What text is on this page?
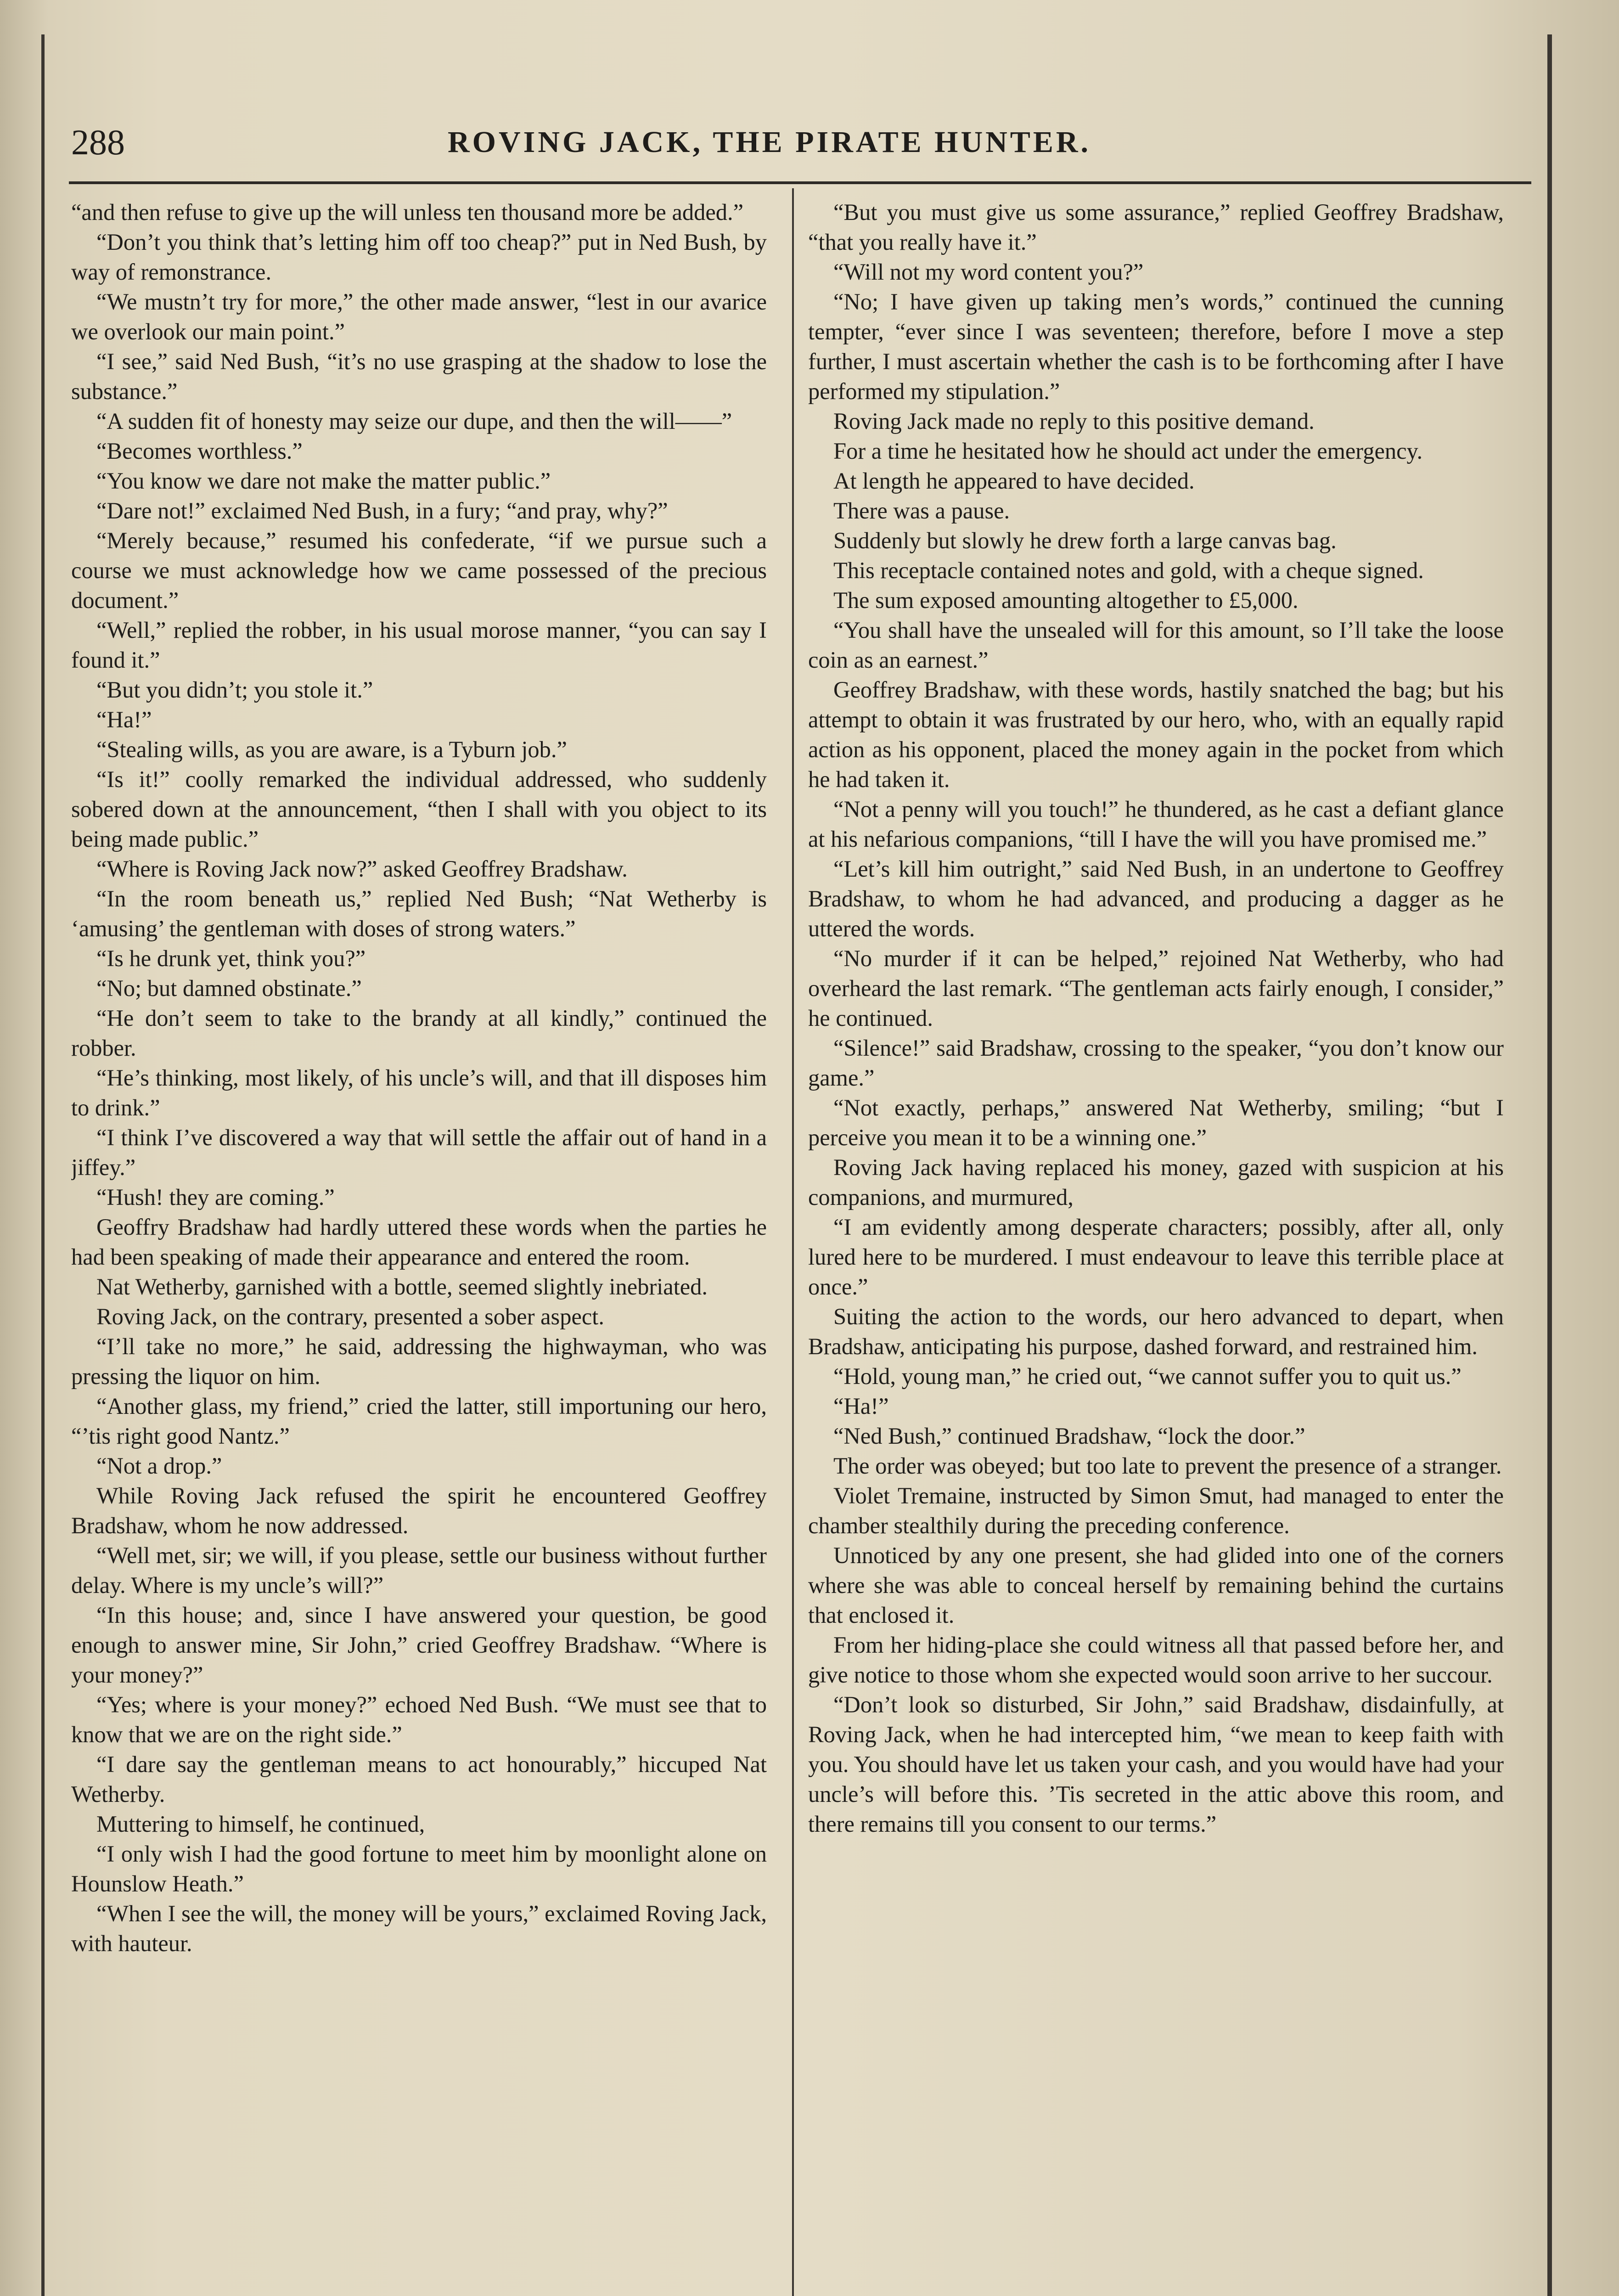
288	ROVING JACK, THE PIRATE HUNTER.

“and then refuse to give up the will unless ten thousand more be added.”

“Don’t you think that’s letting him off too cheap?” put in Ned Bush, by way of remonstrance.

“We mustn’t try for more,” the other made answer, “lest in our avarice we overlook our main point.”

“I see,” said Ned Bush, “it’s no use grasping at the shadow to lose the substance.”

“A sudden fit of honesty may seize our dupe, and then the will——”

“Becomes worthless.”

“You know we dare not make the matter public.”

“Dare not!” exclaimed Ned Bush, in a fury; “and pray, why?”

“Merely because,” resumed his confederate, “if we pursue such a course we must acknowledge how we came possessed of the precious document.”

“Well,” replied the robber, in his usual morose manner, “you can say I found it.”

“But you didn’t; you stole it.”

“Ha!”

“Stealing wills, as you are aware, is a Tyburn job.”

“Is it!” coolly remarked the individual addressed, who suddenly sobered down at the announcement, “then I shall with you object to its being made public.”

“Where is Roving Jack now?” asked Geoffrey Bradshaw.

“In the room beneath us,” replied Ned Bush; “Nat Wetherby is ‘amusing’ the gentleman with doses of strong waters.”

“Is he drunk yet, think you?”

“No; but damned obstinate.”

“He don’t seem to take to the brandy at all kindly,” continued the robber.

“He’s thinking, most likely, of his uncle’s will, and that ill disposes him to drink.”

“I think I’ve discovered a way that will settle the affair out of hand in a jiffey.”

“Hush! they are coming.”

Geoffry Bradshaw had hardly uttered these words when the parties he had been speaking of made their appearance and entered the room.

Nat Wetherby, garnished with a bottle, seemed slightly inebriated.

Roving Jack, on the contrary, presented a sober aspect.

“I’ll take no more,” he said, addressing the highwayman, who was pressing the liquor on him.

“Another glass, my friend,” cried the latter, still importuning our hero, “’tis right good Nantz.”

“Not a drop.”

While Roving Jack refused the spirit he encountered Geoffrey Bradshaw, whom he now addressed.

“Well met, sir; we will, if you please, settle our business without further delay. Where is my uncle’s will?”

“In this house; and, since I have answered your question, be good enough to answer mine, Sir John,” cried Geoffrey Bradshaw. “Where is your money?”

“Yes; where is your money?” echoed Ned Bush. “We must see that to know that we are on the right side.”

“I dare say the gentleman means to act honourably,” hiccuped Nat Wetherby.

Muttering to himself, he continued,

“I only wish I had the good fortune to meet him by moonlight alone on Hounslow Heath.”

“When I see the will, the money will be yours,” exclaimed Roving Jack, with hauteur.

“But you must give us some assurance,” replied Geoffrey Bradshaw, “that you really have it.”

“Will not my word content you?”

“No; I have given up taking men’s words,” continued the cunning tempter, “ever since I was seventeen; therefore, before I move a step further, I must ascertain whether the cash is to be forthcoming after I have performed my stipulation.”

Roving Jack made no reply to this positive demand.

For a time he hesitated how he should act under the emergency.

At length he appeared to have decided.

There was a pause.

Suddenly but slowly he drew forth a large canvas bag.

This receptacle contained notes and gold, with a cheque signed.

The sum exposed amounting altogether to £5,000.

“You shall have the unsealed will for this amount, so I’ll take the loose coin as an earnest.”

Geoffrey Bradshaw, with these words, hastily snatched the bag; but his attempt to obtain it was frustrated by our hero, who, with an equally rapid action as his opponent, placed the money again in the pocket from which he had taken it.

“Not a penny will you touch!” he thundered, as he cast a defiant glance at his nefarious companions, “till I have the will you have promised me.”

“Let’s kill him outright,” said Ned Bush, in an undertone to Geoffrey Bradshaw, to whom he had advanced, and producing a dagger as he uttered the words.

“No murder if it can be helped,” rejoined Nat Wetherby, who had overheard the last remark. “The gentleman acts fairly enough, I consider,” he continued.

“Silence!” said Bradshaw, crossing to the speaker, “you don’t know our game.”

“Not exactly, perhaps,” answered Nat Wetherby, smiling; “but I perceive you mean it to be a winning one.”

Roving Jack having replaced his money, gazed with suspicion at his companions, and murmured,

“I am evidently among desperate characters; possibly, after all, only lured here to be murdered. I must endeavour to leave this terrible place at once.”

Suiting the action to the words, our hero advanced to depart, when Bradshaw, anticipating his purpose, dashed forward, and restrained him.

“Hold, young man,” he cried out, “we cannot suffer you to quit us.”

“Ha!”

“Ned Bush,” continued Bradshaw, “lock the door.”

The order was obeyed; but too late to prevent the presence of a stranger.

Violet Tremaine, instructed by Simon Smut, had managed to enter the chamber stealthily during the preceding conference.

Unnoticed by any one present, she had glided into one of the corners where she was able to conceal herself by remaining behind the curtains that enclosed it.

From her hiding-place she could witness all that passed before her, and give notice to those whom she expected would soon arrive to her succour.

“Don’t look so disturbed, Sir John,” said Bradshaw, disdainfully, at Roving Jack, when he had intercepted him, “we mean to keep faith with you. You should have let us taken your cash, and you would have had your uncle’s will before this. ’Tis secreted in the attic above this room, and there remains till you consent to our terms.”
